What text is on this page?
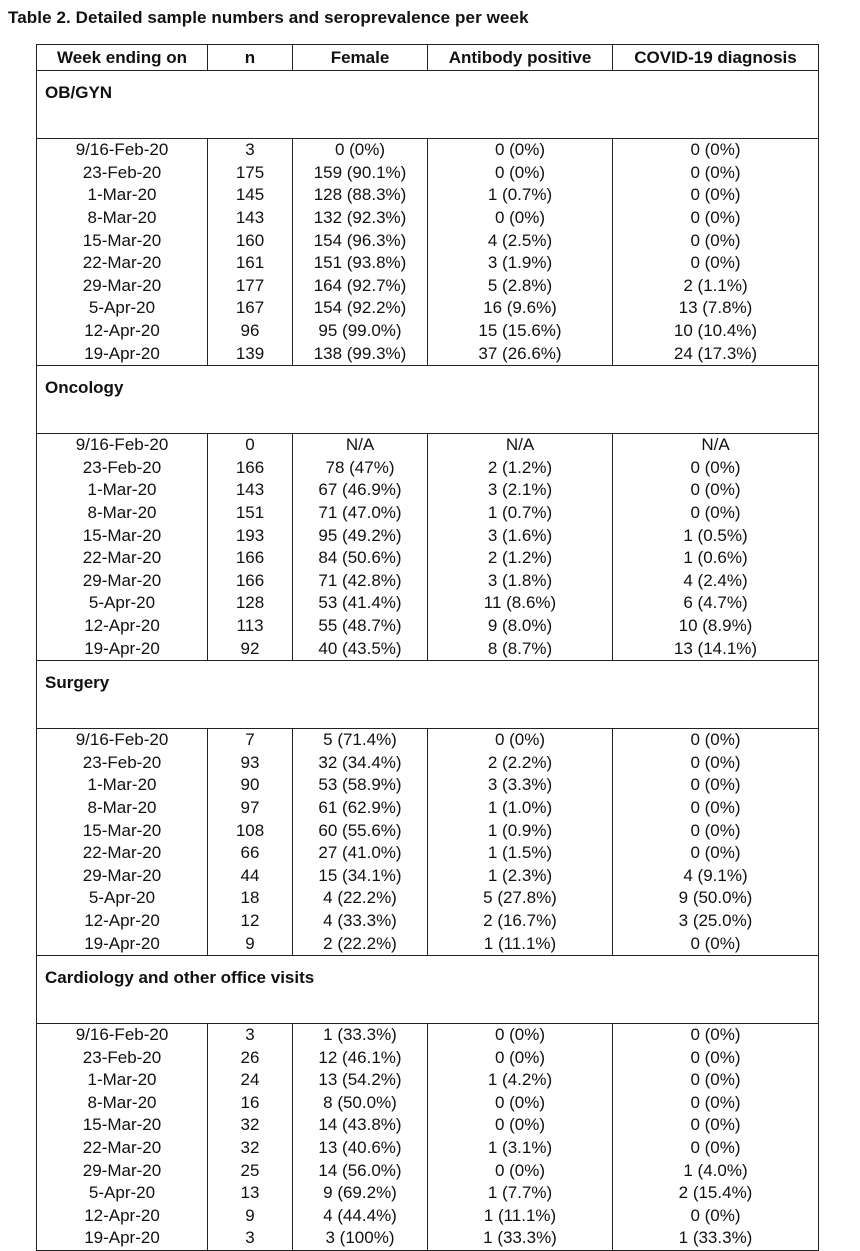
Table 2. Detailed sample numbers and seroprevalence per week
Week ending on	n	Female	Antibody positive	COVID-19 diagnosis
OB/GYN				
9/16-Feb-20	3	0 (0%)	0 (0%)	0 (0%)
23-Feb-20	175	159 (90.1%)	0 (0%)	0 (0%)
1-Mar-20	145	128 (88.3%)	1 (0.7%)	0 (0%)
8-Mar-20	143	132 (92.3%)	0 (0%)	0 (0%)
15-Mar-20	160	154 (96.3%)	4 (2.5%)	0 (0%)
22-Mar-20	161	151 (93.8%)	3 (1.9%)	0 (0%)
29-Mar-20	177	164 (92.7%)	5 (2.8%)	2 (1.1%)
5-Apr-20	167	154 (92.2%)	16 (9.6%)	13 (7.8%)
12-Apr-20	96	95 (99.0%)	15 (15.6%)	10 (10.4%)
19-Apr-20	139	138 (99.3%)	37 (26.6%)	24 (17.3%)
Oncology				
9/16-Feb-20	0	N/A	N/A	N/A
23-Feb-20	166	78 (47%)	2 (1.2%)	0 (0%)
1-Mar-20	143	67 (46.9%)	3 (2.1%)	0 (0%)
8-Mar-20	151	71 (47.0%)	1 (0.7%)	0 (0%)
15-Mar-20	193	95 (49.2%)	3 (1.6%)	1 (0.5%)
22-Mar-20	166	84 (50.6%)	2 (1.2%)	1 (0.6%)
29-Mar-20	166	71 (42.8%)	3 (1.8%)	4 (2.4%)
5-Apr-20	128	53 (41.4%)	11 (8.6%)	6 (4.7%)
12-Apr-20	113	55 (48.7%)	9 (8.0%)	10 (8.9%)
19-Apr-20	92	40 (43.5%)	8 (8.7%)	13 (14.1%)
Surgery				
9/16-Feb-20	7	5 (71.4%)	0 (0%)	0 (0%)
23-Feb-20	93	32 (34.4%)	2 (2.2%)	0 (0%)
1-Mar-20	90	53 (58.9%)	3 (3.3%)	0 (0%)
8-Mar-20	97	61 (62.9%)	1 (1.0%)	0 (0%)
15-Mar-20	108	60 (55.6%)	1 (0.9%)	0 (0%)
22-Mar-20	66	27 (41.0%)	1 (1.5%)	0 (0%)
29-Mar-20	44	15 (34.1%)	1 (2.3%)	4 (9.1%)
5-Apr-20	18	4 (22.2%)	5 (27.8%)	9 (50.0%)
12-Apr-20	12	4 (33.3%)	2 (16.7%)	3 (25.0%)
19-Apr-20	9	2 (22.2%)	1 (11.1%)	0 (0%)
Cardiology and other office visits				
9/16-Feb-20	3	1 (33.3%)	0 (0%)	0 (0%)
23-Feb-20	26	12 (46.1%)	0 (0%)	0 (0%)
1-Mar-20	24	13 (54.2%)	1 (4.2%)	0 (0%)
8-Mar-20	16	8 (50.0%)	0 (0%)	0 (0%)
15-Mar-20	32	14 (43.8%)	0 (0%)	0 (0%)
22-Mar-20	32	13 (40.6%)	1 (3.1%)	0 (0%)
29-Mar-20	25	14 (56.0%)	0 (0%)	1 (4.0%)
5-Apr-20	13	9 (69.2%)	1 (7.7%)	2 (15.4%)
12-Apr-20	9	4 (44.4%)	1 (11.1%)	0 (0%)
19-Apr-20	3	3 (100%)	1 (33.3%)	1 (33.3%)
